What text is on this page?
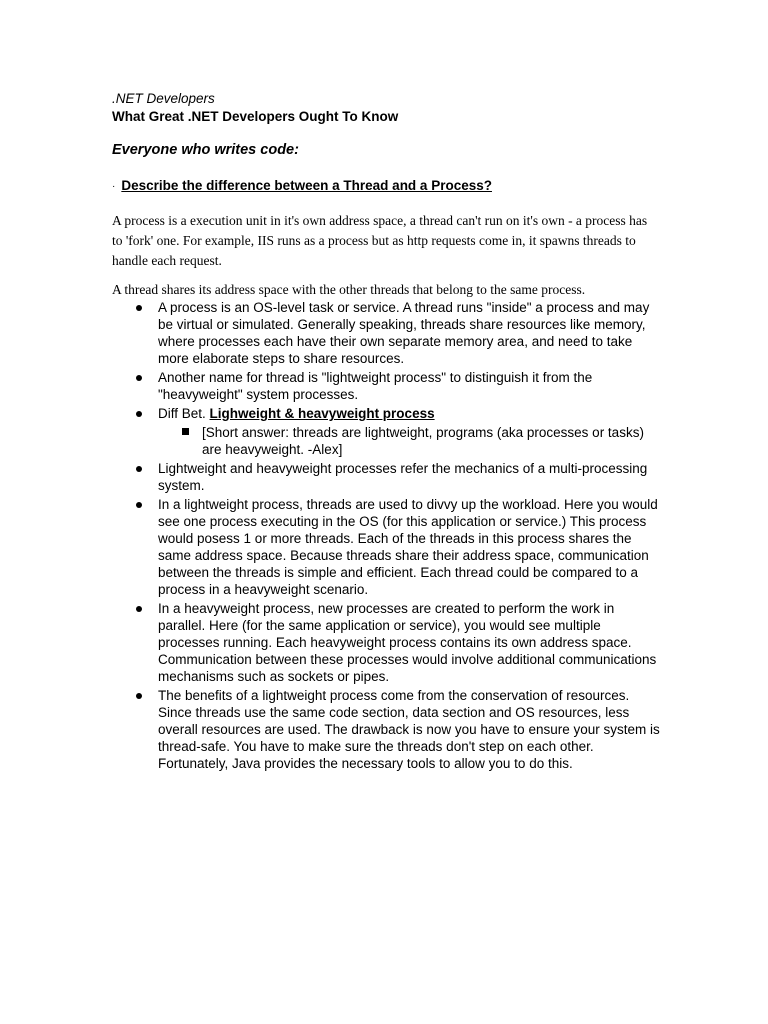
.NET Developers
What Great .NET Developers Ought To Know
Everyone who writes code:
· Describe the difference between a Thread and a Process?
A process is a execution unit in it's own address space, a thread can't run on it's own - a process has to 'fork' one. For example, IIS runs as a process but as http requests come in, it spawns threads to handle each request.
A thread shares its address space with the other threads that belong to the same process.
A process is an OS-level task or service. A thread runs "inside" a process and may be virtual or simulated. Generally speaking, threads share resources like memory, where processes each have their own separate memory area, and need to take more elaborate steps to share resources.
Another name for thread is "lightweight process" to distinguish it from the "heavyweight" system processes.
Diff Bet. Lighweight & heavyweight process
[Short answer: threads are lightweight, programs (aka processes or tasks) are heavyweight. -Alex]
Lightweight and heavyweight processes refer the mechanics of a multi-processing system.
In a lightweight process, threads are used to divvy up the workload. Here you would see one process executing in the OS (for this application or service.) This process would posess 1 or more threads. Each of the threads in this process shares the same address space. Because threads share their address space, communication between the threads is simple and efficient. Each thread could be compared to a process in a heavyweight scenario.
In a heavyweight process, new processes are created to perform the work in parallel. Here (for the same application or service), you would see multiple processes running. Each heavyweight process contains its own address space. Communication between these processes would involve additional communications mechanisms such as sockets or pipes.
The benefits of a lightweight process come from the conservation of resources. Since threads use the same code section, data section and OS resources, less overall resources are used. The drawback is now you have to ensure your system is thread-safe. You have to make sure the threads don't step on each other. Fortunately, Java provides the necessary tools to allow you to do this.
